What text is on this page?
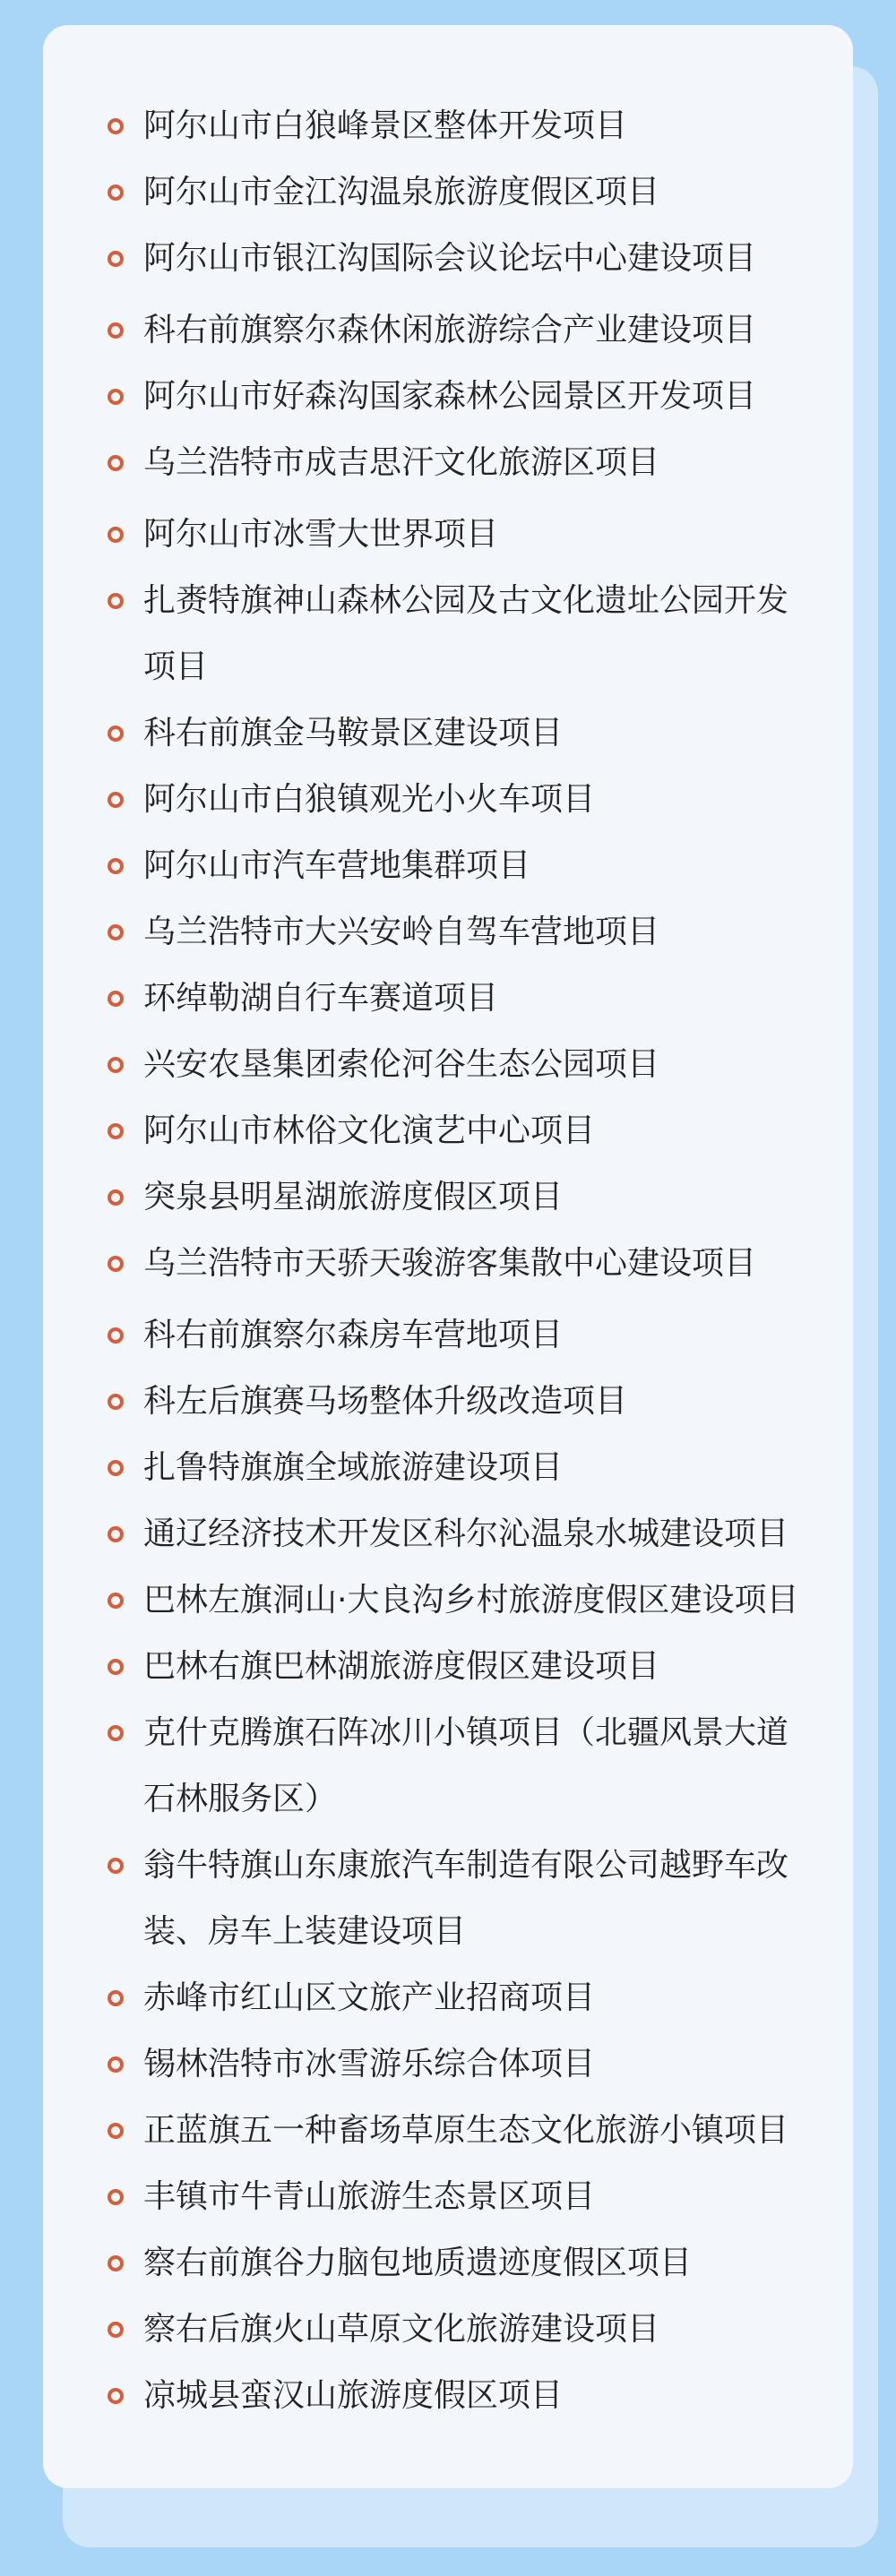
阿尔山市白狼峰景区整体开发项目
阿尔山市金江沟温泉旅游度假区项目
阿尔山市银江沟国际会议论坛中心建设项目
科右前旗察尔森休闲旅游综合产业建设项目
阿尔山市好森沟国家森林公园景区开发项目
乌兰浩特市成吉思汗文化旅游区项目
阿尔山市冰雪大世界项目
扎赉特旗神山森林公园及古文化遗址公园开发项目
科右前旗金马鞍景区建设项目
阿尔山市白狼镇观光小火车项目
阿尔山市汽车营地集群项目
乌兰浩特市大兴安岭自驾车营地项目
环绰勒湖自行车赛道项目
兴安农垦集团索伦河谷生态公园项目
阿尔山市林俗文化演艺中心项目
突泉县明星湖旅游度假区项目
乌兰浩特市天骄天骏游客集散中心建设项目
科右前旗察尔森房车营地项目
科左后旗赛马场整体升级改造项目
扎鲁特旗旗全域旅游建设项目
通辽经济技术开发区科尔沁温泉水城建设项目
巴林左旗洞山·大良沟乡村旅游度假区建设项目
巴林右旗巴林湖旅游度假区建设项目
克什克腾旗石阵冰川小镇项目（北疆风景大道石林服务区）
翁牛特旗山东康旅汽车制造有限公司越野车改装、房车上装建设项目
赤峰市红山区文旅产业招商项目
锡林浩特市冰雪游乐综合体项目
正蓝旗五一种畜场草原生态文化旅游小镇项目
丰镇市牛青山旅游生态景区项目
察右前旗谷力脑包地质遗迹度假区项目
察右后旗火山草原文化旅游建设项目
凉城县蛮汉山旅游度假区项目
